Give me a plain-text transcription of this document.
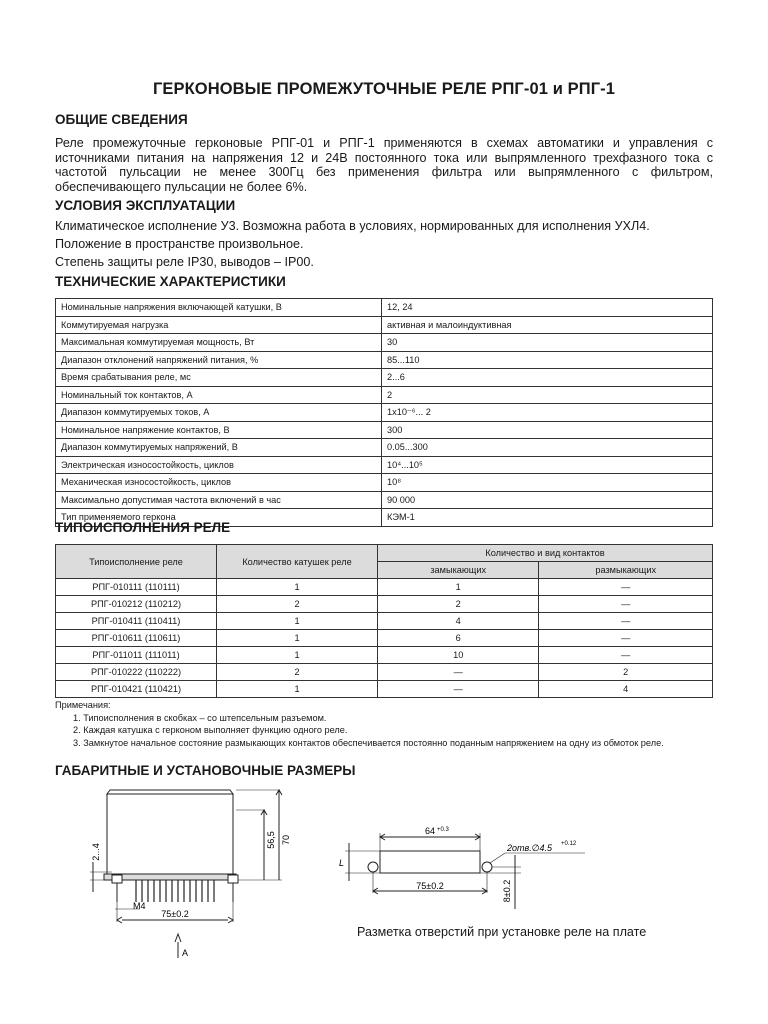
ГЕРКОНОВЫЕ ПРОМЕЖУТОЧНЫЕ РЕЛЕ РПГ-01 и РПГ-1
ОБЩИЕ СВЕДЕНИЯ

Реле промежуточные герконовые РПГ-01 и РПГ-1 применяются в схемах автоматики и управления с источниками питания на напряжения 12 и 24В постоянного тока или выпрямленного трехфазного тока с частотой пульсации не менее 300Гц без применения фильтра или выпрямленного с фильтром, обеспечивающего пульсации не более 6%.

УСЛОВИЯ ЭКСПЛУАТАЦИИ

Климатическое исполнение У3. Возможна работа в условиях, нормированных для исполнения УХЛ4.

Положение в пространстве произвольное.

Степень защиты реле IP30, выводов – IP00.

ТЕХНИЧЕСКИЕ ХАРАКТЕРИСТИКИ
Номинальные напряжения включающей катушки, В	12, 24
Коммутируемая нагрузка	активная и малоиндуктивная
Максимальная коммутируемая мощность, Вт	30
Диапазон отклонений напряжений питания, %	85...110
Время срабатывания реле, мс	2...6
Номинальный ток контактов, А	2
Диапазон коммутируемых токов, А	1х10⁻⁶... 2
Номинальное напряжение контактов, В	300
Диапазон коммутируемых напряжений, В	0.05...300
Электрическая износостойкость, циклов	10⁴...10⁵
Механическая износостойкость, циклов	10⁸
Максимально допустимая частота включений в час	90 000
Тип применяемого геркона	КЭМ-1
ТИПОИСПОЛНЕНИЯ РЕЛЕ
Типоисполнение реле	Количество катушек реле	Количество и вид контактов	
		замыкающих	размыкающих
РПГ-010111 (110111)	1	1	—
РПГ-010212 (110212)	2	2	—
РПГ-010411 (110411)	1	4	—
РПГ-010611 (110611)	1	6	—
РПГ-011011 (111011)	1	10	—
РПГ-010222 (110222)	2	—	2
РПГ-010421 (110421)	1	—	4
Примечания:
1. Типоисполнения в скобках – со штепсельным разъемом.
2. Каждая катушка с герконом выполняет функцию одного реле.
3. Замкнутое начальное состояние размыкающих контактов обеспечивается постоянно поданным напряжением на одну из обмоток реле.
ГАБАРИТНЫЕ И УСТАНОВОЧНЫЕ РАЗМЕРЫ
70
56,5
2...4
M4
75±0.2
A
64 +0.3
2отв.∅4.5 +0.12
L
75±0.2	8±0.2

Разметка отверстий при установке реле на плате
